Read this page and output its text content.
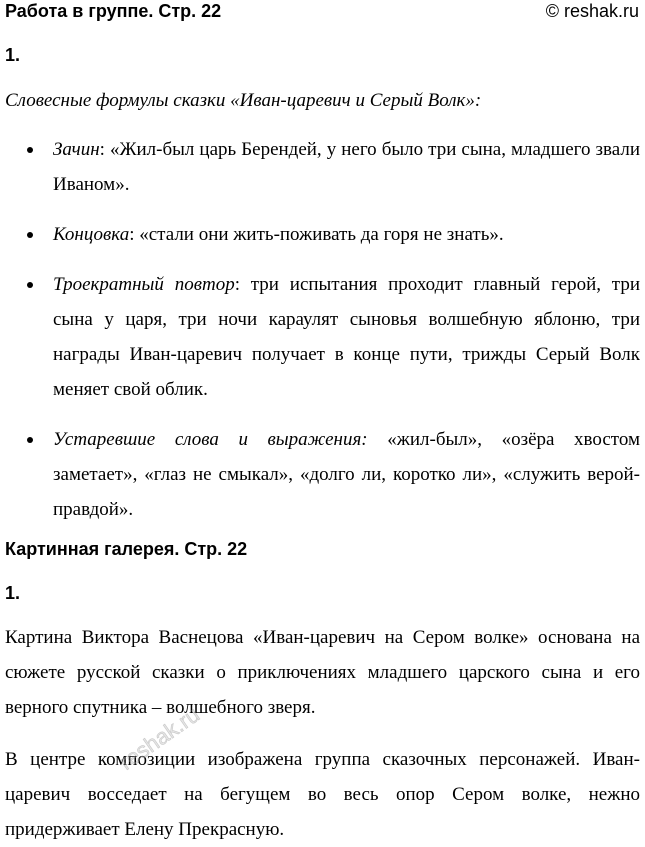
Работа в группе. Стр. 22	© reshak.ru
1.
Словесные формулы сказки «Иван-царевич и Серый Волк»:
Зачин: «Жил-был царь Берендей, у него было три сына, младшего звали Иваном».
Концовка: «стали они жить-поживать да горя не знать».
Троекратный повтор: три испытания проходит главный герой, три сына у царя, три ночи караулят сыновья волшебную яблоню, три награды Иван-царевич получает в конце пути, трижды Серый Волк меняет свой облик.
Устаревшие слова и выражения: «жил-был», «озёра хвостом заметает», «глаз не смыкал», «долго ли, коротко ли», «служить верой-правдой».
Картинная галерея. Стр. 22
1.
Картина Виктора Васнецова «Иван-царевич на Сером волке» основана на сюжете русской сказки о приключениях младшего царского сына и его верного спутника – волшебного зверя.
В центре композиции изображена группа сказочных персонажей. Иван-царевич восседает на бегущем во весь опор Сером волке, нежно придерживает Елену Прекрасную.
reshak.ru
